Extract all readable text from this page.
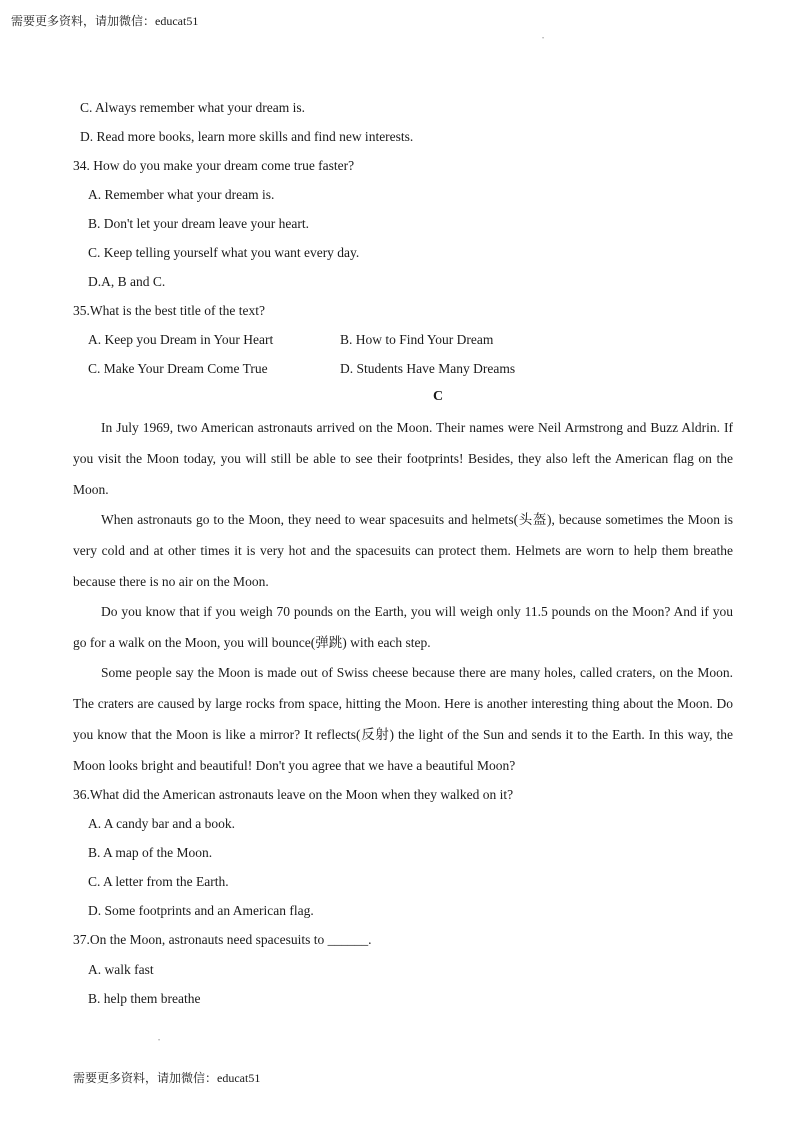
需要更多资料，请加微信：educat51
•
C. Always remember what your dream is.
D. Read more books, learn more skills and find new interests.
34. How do you make your dream come true faster?
A. Remember what your dream is.
B. Don't let your dream leave your heart.
C. Keep telling yourself what you want every day.
D.A, B and C.
35.What is the best title of the text?
A. Keep you Dream in Your Heart	B. How to Find Your Dream
C. Make Your Dream Come True	D. Students Have Many Dreams
C

In July 1969, two American astronauts arrived on the Moon. Their names were Neil Armstrong and Buzz Aldrin. If you visit the Moon today, you will still be able to see their footprints! Besides, they also left the American flag on the Moon.

When astronauts go to the Moon, they need to wear spacesuits and helmets(头盔), because sometimes the Moon is very cold and at other times it is very hot and the spacesuits can protect them. Helmets are worn to help them breathe because there is no air on the Moon.

Do you know that if you weigh 70 pounds on the Earth, you will weigh only 11.5 pounds on the Moon? And if you go for a walk on the Moon, you will bounce(弹跳) with each step.

Some people say the Moon is made out of Swiss cheese because there are many holes, called craters, on the Moon. The craters are caused by large rocks from space, hitting the Moon. Here is another interesting thing about the Moon. Do you know that the Moon is like a mirror? It reflects(反射) the light of the Sun and sends it to the Earth. In this way, the Moon looks bright and beautiful! Don't you agree that we have a beautiful Moon?

36.What did the American astronauts leave on the Moon when they walked on it?
A. A candy bar and a book.
B. A map of the Moon.
C. A letter from the Earth.
D. Some footprints and an American flag.
37.On the Moon, astronauts need spacesuits to ______.
A. walk fast
B. help them breathe
•
需要更多资料，请加微信：educat51
